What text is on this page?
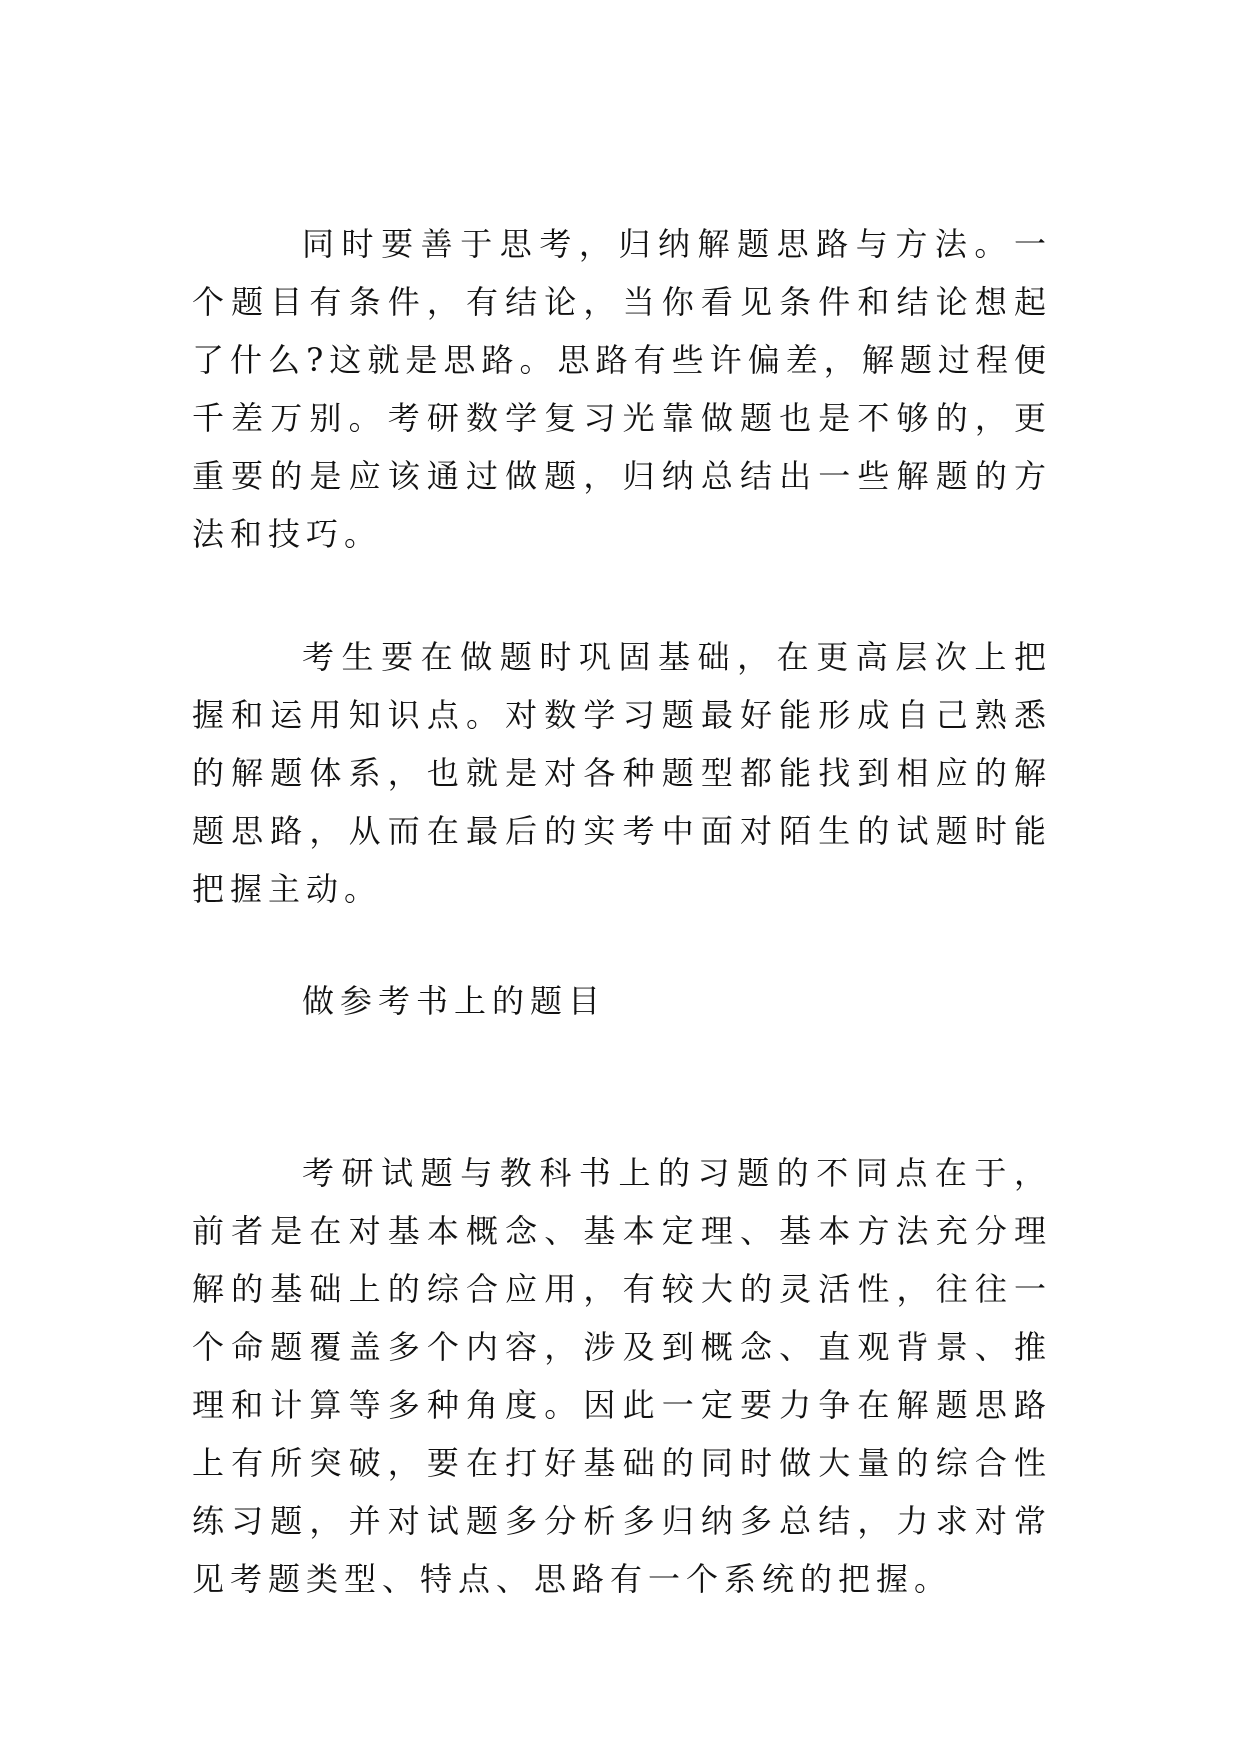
同时要善于思考，归纳解题思路与方法。一个题目有条件，有结论，当你看见条件和结论想起了什么?这就是思路。思路有些许偏差，解题过程便千差万别。考研数学复习光靠做题也是不够的，更重要的是应该通过做题，归纳总结出一些解题的方法和技巧。

考生要在做题时巩固基础，在更高层次上把握和运用知识点。对数学习题最好能形成自己熟悉的解题体系，也就是对各种题型都能找到相应的解题思路，从而在最后的实考中面对陌生的试题时能把握主动。

做参考书上的题目

考研试题与教科书上的习题的不同点在于，前者是在对基本概念、基本定理、基本方法充分理解的基础上的综合应用，有较大的灵活性，往往一个命题覆盖多个内容，涉及到概念、直观背景、推理和计算等多种角度。因此一定要力争在解题思路上有所突破，要在打好基础的同时做大量的综合性练习题，并对试题多分析多归纳多总结，力求对常见考题类型、特点、思路有一个系统的把握。
